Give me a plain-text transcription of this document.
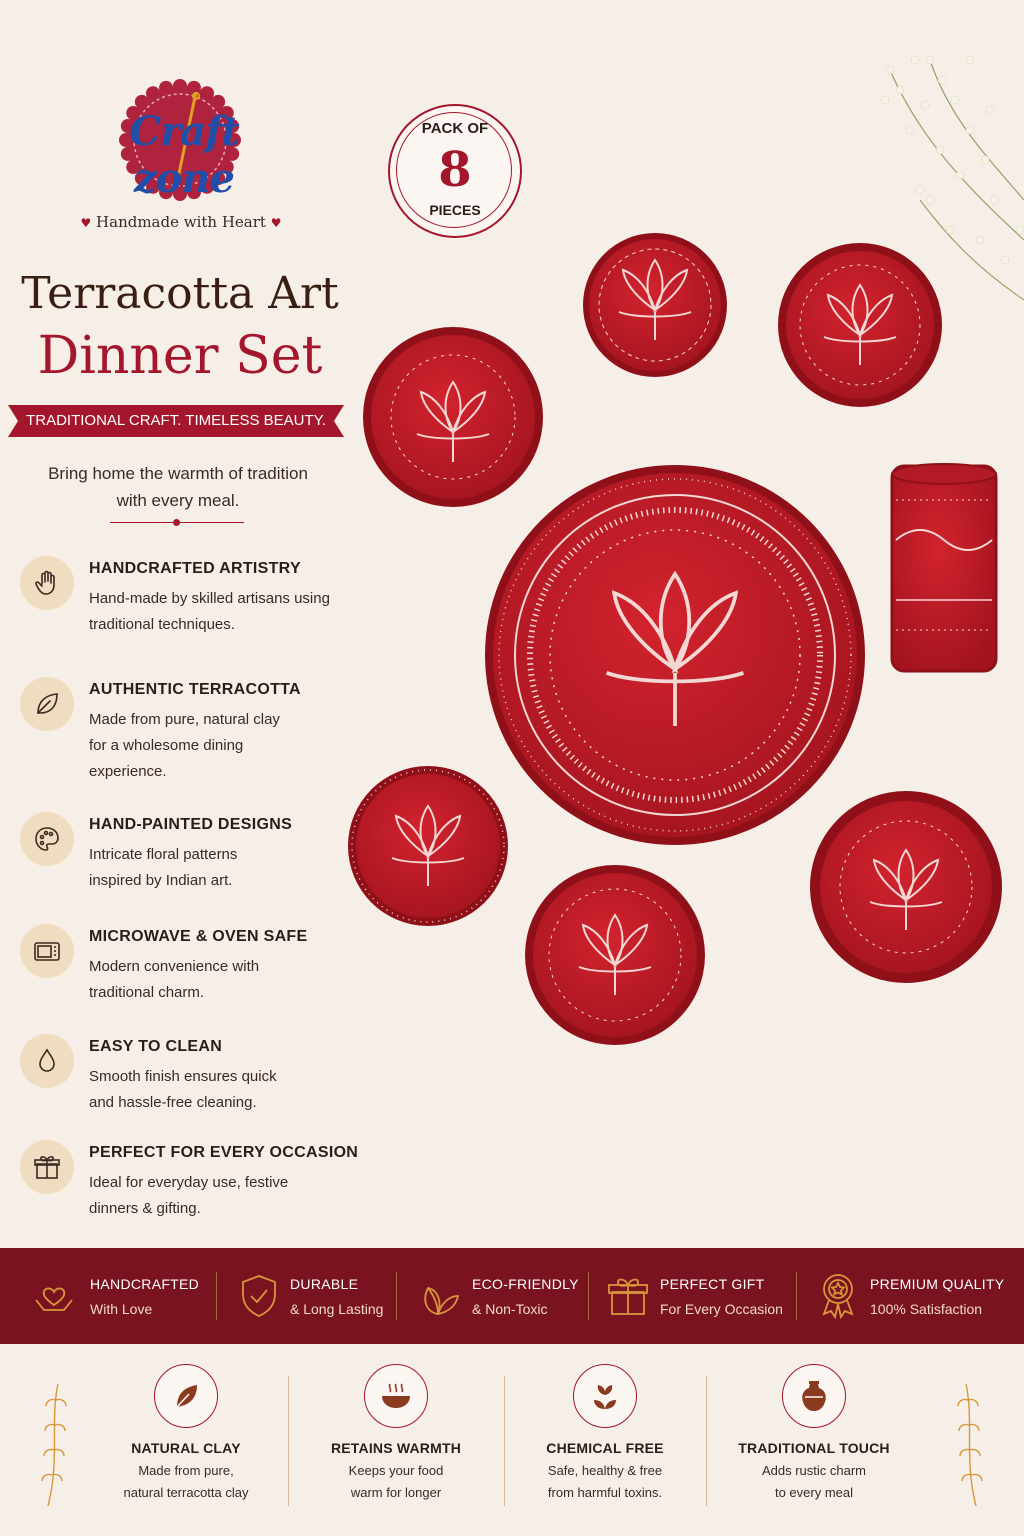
Craft zone
♥ Handmade with Heart ♥
Terracotta Art
Dinner Set
TRADITIONAL CRAFT. TIMELESS BEAUTY.
Bring home the warmth of tradition
with every meal.
HANDCRAFTED ARTISTRY
Hand-made by skilled artisans using traditional techniques.
AUTHENTIC TERRACOTTA
Made from pure, natural clay for a wholesome dining experience.
HAND-PAINTED DESIGNS
Intricate floral patterns inspired by Indian art.
MICROWAVE & OVEN SAFE
Modern convenience with traditional charm.
EASY TO CLEAN
Smooth finish ensures quick and hassle-free cleaning.
PERFECT FOR EVERY OCCASION
Ideal for everyday use, festive dinners & gifting.
PACK OF
8
PIECES
HANDCRAFTED
With Love
DURABLE
& Long Lasting
ECO-FRIENDLY
& Non-Toxic
PERFECT GIFT
For Every Occasion
PREMIUM QUALITY
100% Satisfaction
NATURAL CLAY
Made from pure,
natural terracotta clay
RETAINS WARMTH
Keeps your food
warm for longer
CHEMICAL FREE
Safe, healthy & free
from harmful toxins.
TRADITIONAL TOUCH
Adds rustic charm
to every meal
